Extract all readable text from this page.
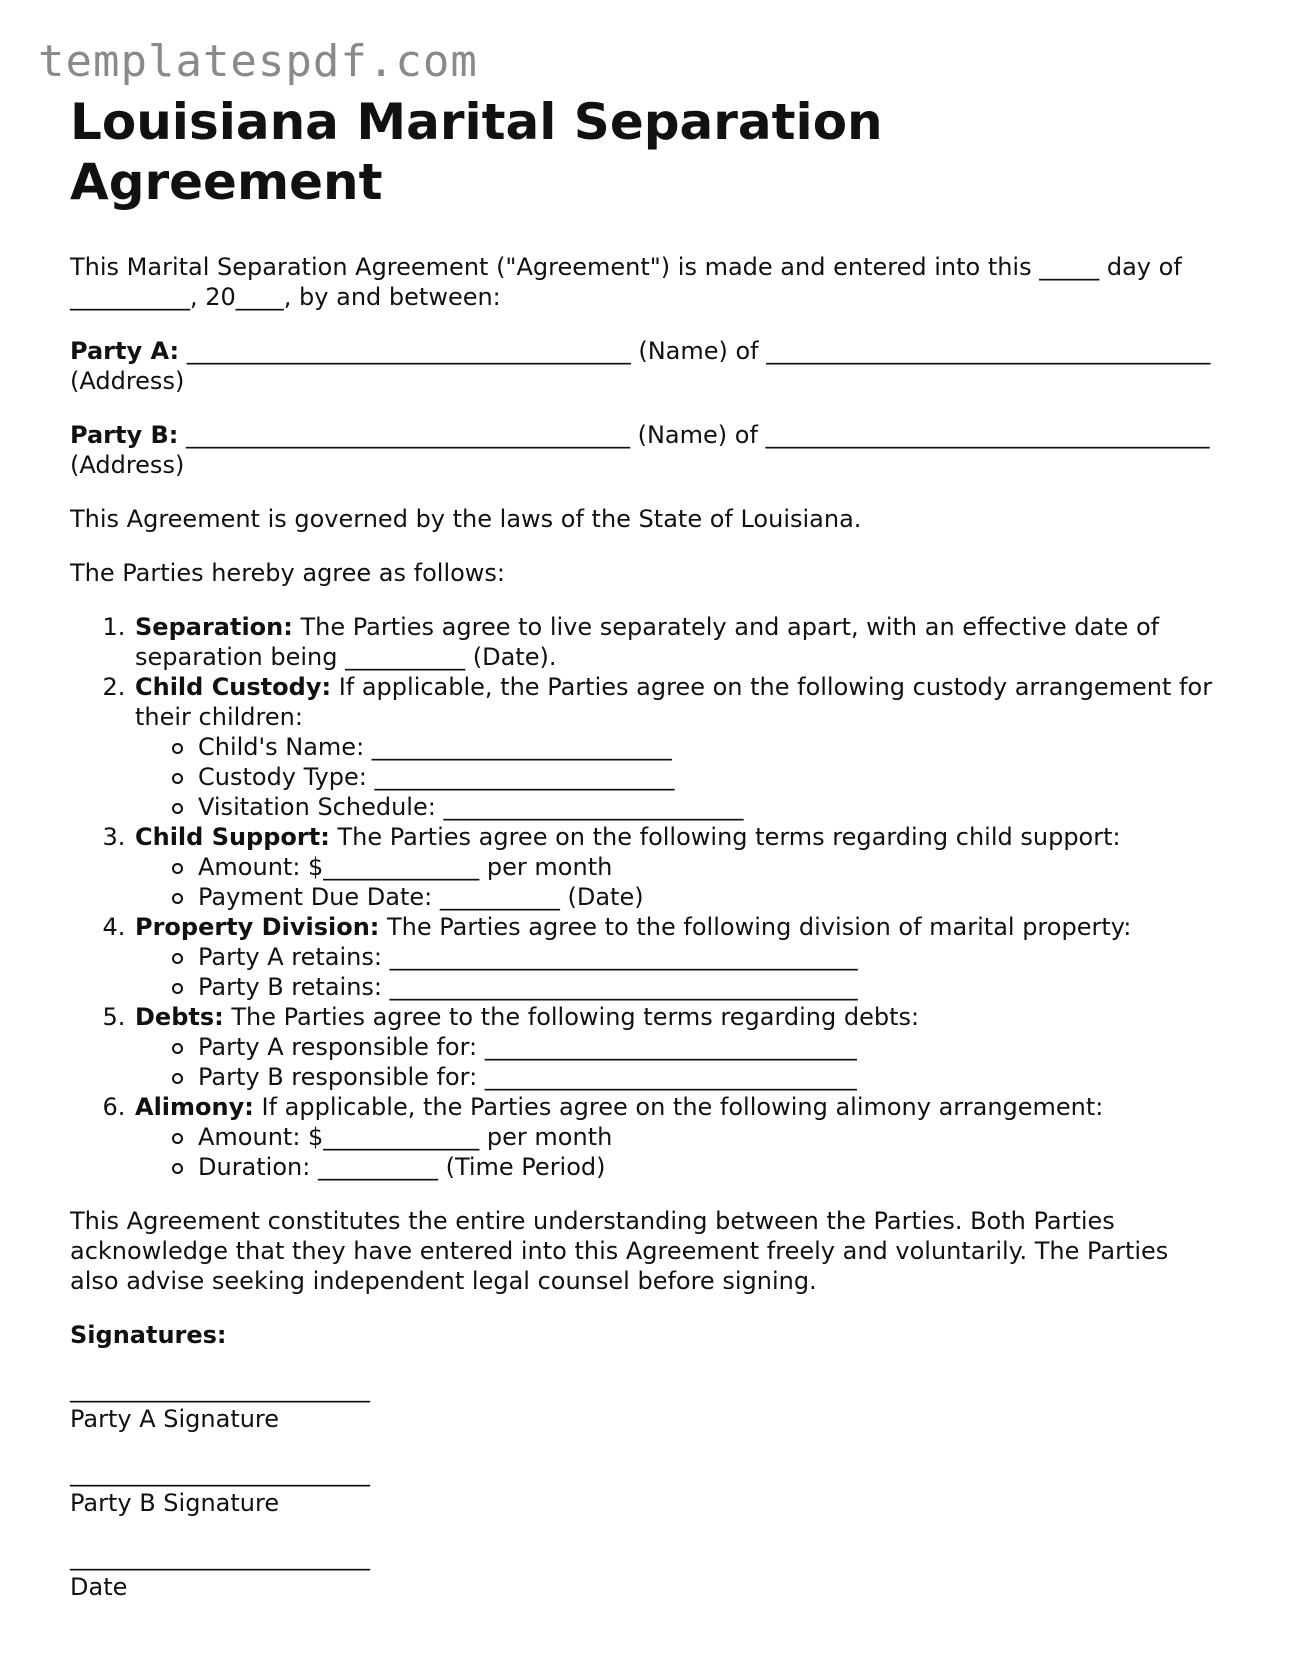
templatespdf.com
Louisiana Marital Separation
Agreement

This Marital Separation Agreement ("Agreement") is made and entered into this _____ day of __________, 20____, by and between:

Party A: _____________________________________ (Name) of _____________________________________ (Address)

Party B: _____________________________________ (Name) of _____________________________________ (Address)

This Agreement is governed by the laws of the State of Louisiana.

The Parties hereby agree as follows:

1. Separation: The Parties agree to live separately and apart, with an effective date of separation being __________ (Date).
2. Child Custody: If applicable, the Parties agree on the following custody arrangement for their children:
Child's Name: _________________________
Custody Type: _________________________
Visitation Schedule: _________________________
3. Child Support: The Parties agree on the following terms regarding child support:
Amount: $_____________ per month
Payment Due Date: __________ (Date)
4. Property Division: The Parties agree to the following division of marital property:
Party A retains: _______________________________________
Party B retains: _______________________________________
5. Debts: The Parties agree to the following terms regarding debts:
Party A responsible for: _______________________________
Party B responsible for: _______________________________
6. Alimony: If applicable, the Parties agree on the following alimony arrangement:
Amount: $_____________ per month
Duration: __________ (Time Period)

This Agreement constitutes the entire understanding between the Parties. Both Parties acknowledge that they have entered into this Agreement freely and voluntarily. The Parties also advise seeking independent legal counsel before signing.

Signatures:

_________________________
Party A Signature
_________________________
Party B Signature
_________________________
Date
